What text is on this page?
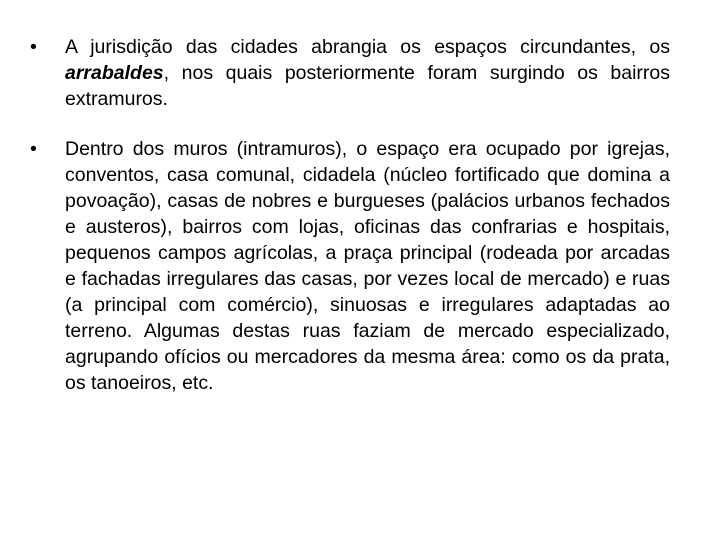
•	A jurisdição das cidades abrangia os espaços circundantes, os arrabaldes, nos quais posteriormente foram surgindo os bairros extramuros.
•	Dentro dos muros (intramuros), o espaço era ocupado por igrejas, conventos, casa comunal, cidadela (núcleo fortificado que domina a povoação), casas de nobres e burgueses (palácios urbanos fechados e austeros), bairros com lojas, oficinas das confrarias e hospitais, pequenos campos agrícolas, a praça principal (rodeada por arcadas e fachadas irregulares das casas, por vezes local de mercado) e ruas (a principal com comércio), sinuosas e irregulares adaptadas ao terreno. Algumas destas ruas faziam de mercado especializado, agrupando ofícios ou mercadores da mesma área: como os da prata, os tanoeiros, etc.
